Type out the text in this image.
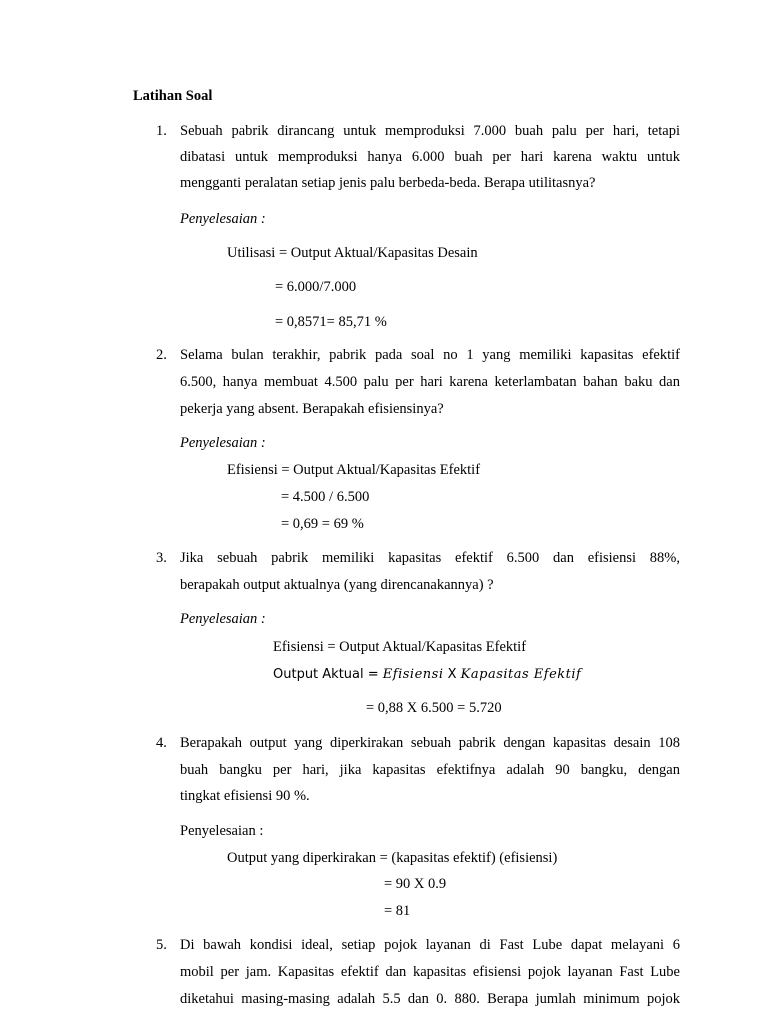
Latihan Soal
1. Sebuah pabrik dirancang untuk memproduksi 7.000 buah palu per hari, tetapi
dibatasi untuk memproduksi hanya 6.000 buah per hari karena waktu untuk
mengganti peralatan setiap jenis palu berbeda-beda. Berapa utilitasnya?
Penyelesaian :
Utilisasi = Output Aktual/Kapasitas Desain
= 6.000/7.000
= 0,8571= 85,71 %
2. Selama bulan terakhir, pabrik pada soal no 1 yang memiliki kapasitas efektif
6.500, hanya membuat 4.500 palu per hari karena keterlambatan bahan baku dan
pekerja yang absent. Berapakah efisiensinya?
Penyelesaian :
Efisiensi = Output Aktual/Kapasitas Efektif
= 4.500 / 6.500
= 0,69 = 69 %
3. Jika sebuah pabrik memiliki kapasitas efektif 6.500 dan efisiensi 88%,
berapakah output aktualnya (yang direncanakannya) ?
Penyelesaian :
Efisiensi = Output Aktual/Kapasitas Efektif
Output Aktual = Efisiensi X Kapasitas Efektif
= 0,88 X 6.500 = 5.720
4. Berapakah output yang diperkirakan sebuah pabrik dengan kapasitas desain 108
buah bangku per hari, jika kapasitas efektifnya adalah 90 bangku, dengan
tingkat efisiensi 90 %.
Penyelesaian :
Output yang diperkirakan = (kapasitas efektif) (efisiensi)
= 90 X 0.9
= 81
5. Di bawah kondisi ideal, setiap pojok layanan di Fast Lube dapat melayani 6
mobil per jam. Kapasitas efektif dan kapasitas efisiensi pojok layanan Fast Lube
diketahui masing-masing adalah 5.5 dan 0. 880. Berapa jumlah minimum pojok
